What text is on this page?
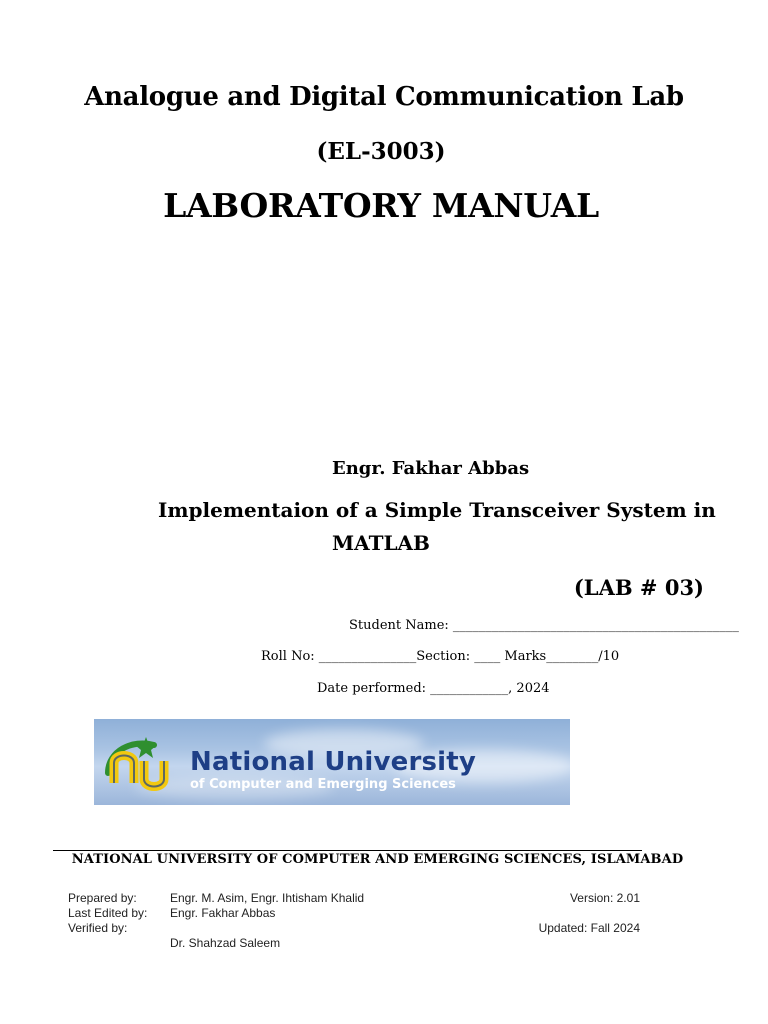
Analogue and Digital Communication Lab
(EL-3003)
LABORATORY MANUAL
Engr. Fakhar Abbas
Implementaion of a Simple Transceiver System in
MATLAB
(LAB # 03)
Student Name: ____________________________________________
Roll No: _______________Section: ____ Marks________/10
Date performed: ____________, 2024
National University
of Computer and Emerging Sciences
NATIONAL UNIVERSITY OF COMPUTER AND EMERGING SCIENCES, ISLAMABAD
Prepared by:	Engr. M. Asim, Engr. Ihtisham Khalid
Last Edited by: Engr. Fakhar Abbas
Verified by:
Dr. Shahzad Saleem
Version: 2.01
Updated: Fall 2024
